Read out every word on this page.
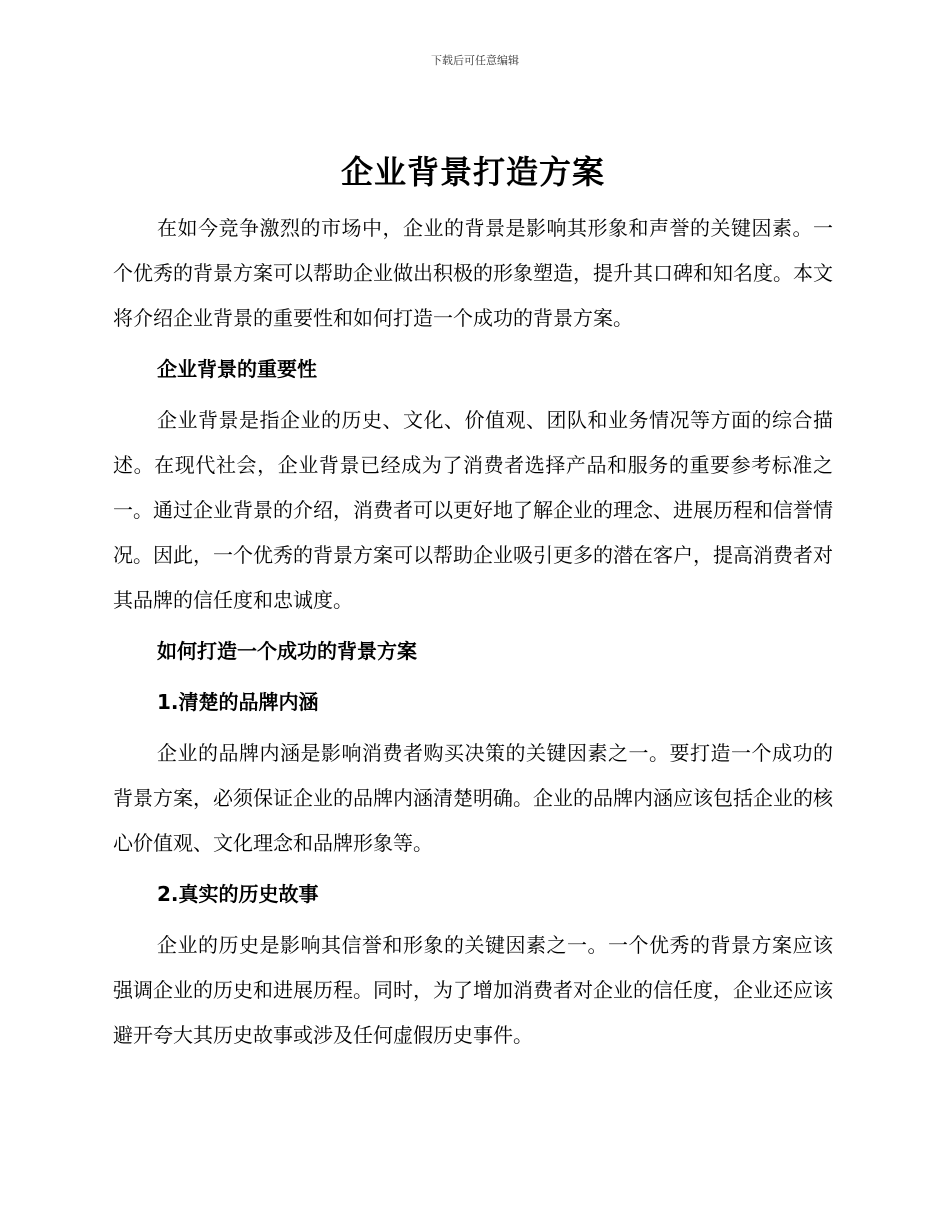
下载后可任意编辑
企业背景打造方案

在如今竞争激烈的市场中，企业的背景是影响其形象和声誉的关键因素。一个优秀的背景方案可以帮助企业做出积极的形象塑造，提升其口碑和知名度。本文将介绍企业背景的重要性和如何打造一个成功的背景方案。

企业背景的重要性

企业背景是指企业的历史、文化、价值观、团队和业务情况等方面的综合描述。在现代社会，企业背景已经成为了消费者选择产品和服务的重要参考标准之一。通过企业背景的介绍，消费者可以更好地了解企业的理念、进展历程和信誉情况。因此，一个优秀的背景方案可以帮助企业吸引更多的潜在客户，提高消费者对其品牌的信任度和忠诚度。

如何打造一个成功的背景方案
1.清楚的品牌内涵

企业的品牌内涵是影响消费者购买决策的关键因素之一。要打造一个成功的背景方案，必须保证企业的品牌内涵清楚明确。企业的品牌内涵应该包括企业的核心价值观、文化理念和品牌形象等。

2.真实的历史故事

企业的历史是影响其信誉和形象的关键因素之一。一个优秀的背景方案应该强调企业的历史和进展历程。同时，为了增加消费者对企业的信任度，企业还应该避开夸大其历史故事或涉及任何虚假历史事件。
